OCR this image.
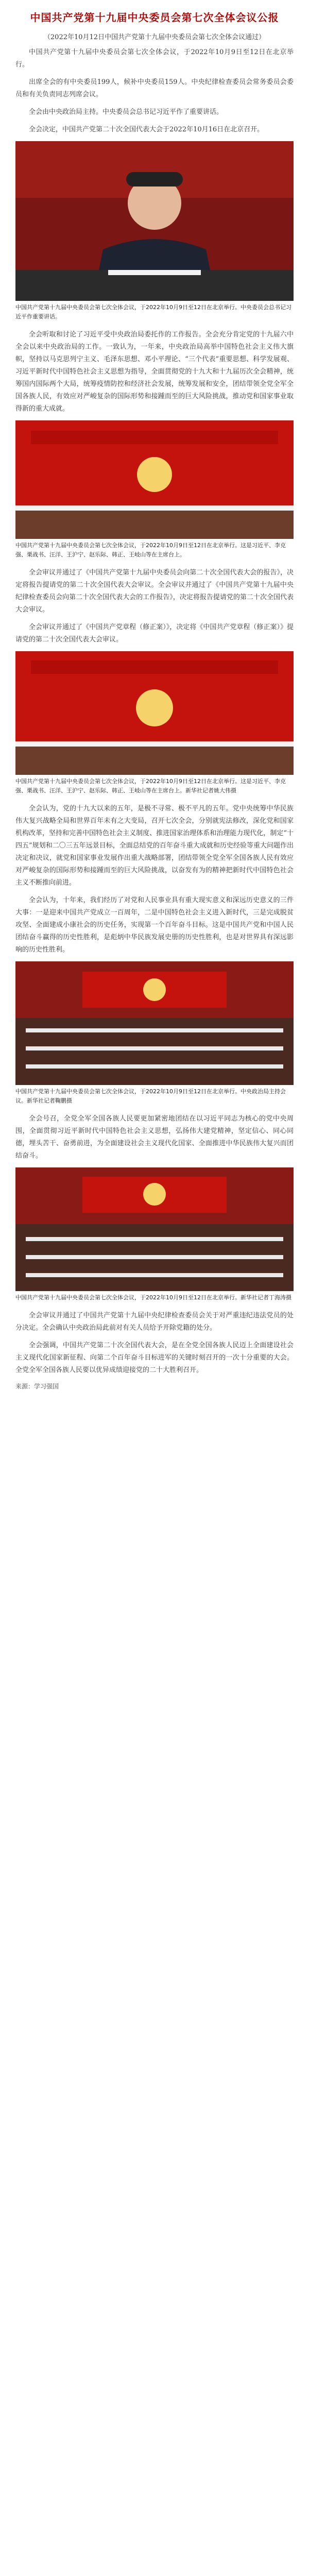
中国共产党第十九届中央委员会第七次全体会议公报
（2022年10月12日中国共产党第十九届中央委员会第七次全体会议通过）

中国共产党第十九届中央委员会第七次全体会议，于2022年10月9日至12日在北京举行。

出席全会的有中央委员199人，候补中央委员159人。中央纪律检查委员会常务委员会委员和有关负责同志列席会议。

全会由中央政治局主持。中央委员会总书记习近平作了重要讲话。

全会决定，中国共产党第二十次全国代表大会于2022年10月16日在北京召开。

中国共产党第十九届中央委员会第七次全体会议，于2022年10月9日至12日在北京举行。中央委员会总书记习近平作重要讲话。

全会听取和讨论了习近平受中央政治局委托作的工作报告。全会充分肯定党的十九届六中全会以来中央政治局的工作。一致认为，一年来，中央政治局高举中国特色社会主义伟大旗帜，坚持以马克思列宁主义、毛泽东思想、邓小平理论、“三个代表”重要思想、科学发展观、习近平新时代中国特色社会主义思想为指导，全面贯彻党的十九大和十九届历次全会精神，统筹国内国际两个大局，统筹疫情防控和经济社会发展，统筹发展和安全，团结带领全党全军全国各族人民，有效应对严峻复杂的国际形势和接踵而至的巨大风险挑战，推动党和国家事业取得新的重大成就。

中国共产党第十九届中央委员会第七次全体会议，于2022年10月9日至12日在北京举行。这是习近平、李克强、栗战书、汪洋、王沪宁、赵乐际、韩正、王岐山等在主席台上。

全会审议并通过了《中国共产党第十九届中央委员会向第二十次全国代表大会的报告》，决定将报告提请党的第二十次全国代表大会审议。全会审议并通过了《中国共产党第十九届中央纪律检查委员会向第二十次全国代表大会的工作报告》，决定将报告提请党的第二十次全国代表大会审议。

全会审议并通过了《中国共产党章程（修正案）》，决定将《中国共产党章程（修正案）》提请党的第二十次全国代表大会审议。

中国共产党第十九届中央委员会第七次全体会议，于2022年10月9日至12日在北京举行。这是习近平、李克强、栗战书、汪洋、王沪宁、赵乐际、韩正、王岐山等在主席台上。新华社记者姚大伟摄

全会认为，党的十九大以来的五年，是极不寻常、极不平凡的五年。党中央统筹中华民族伟大复兴战略全局和世界百年未有之大变局，召开七次全会，分别就宪法修改，深化党和国家机构改革，坚持和完善中国特色社会主义制度、推进国家治理体系和治理能力现代化，制定“十四五”规划和二〇三五年远景目标，全面总结党的百年奋斗重大成就和历史经验等重大问题作出决定和决议，就党和国家事业发展作出重大战略部署，团结带领全党全军全国各族人民有效应对严峻复杂的国际形势和接踵而至的巨大风险挑战，以奋发有为的精神把新时代中国特色社会主义不断推向前进。

全会认为，十年来，我们经历了对党和人民事业具有重大现实意义和深远历史意义的三件大事：一是迎来中国共产党成立一百周年，二是中国特色社会主义进入新时代，三是完成脱贫攻坚、全面建成小康社会的历史任务，实现第一个百年奋斗目标。这是中国共产党和中国人民团结奋斗赢得的历史性胜利，是彪炳中华民族发展史册的历史性胜利，也是对世界具有深远影响的历史性胜利。

中国共产党第十九届中央委员会第七次全体会议，于2022年10月9日至12日在北京举行。中央政治局主持会议。新华社记者鞠鹏摄

全会号召，全党全军全国各族人民要更加紧密地团结在以习近平同志为核心的党中央周围，全面贯彻习近平新时代中国特色社会主义思想，弘扬伟大建党精神，坚定信心、同心同德，埋头苦干、奋勇前进，为全面建设社会主义现代化国家、全面推进中华民族伟大复兴而团结奋斗。

中国共产党第十九届中央委员会第七次全体会议，于2022年10月9日至12日在北京举行。新华社记者丁海涛摄

全会审议并通过了中国共产党第十九届中央纪律检查委员会关于对严重违纪违法党员的处分决定。全会确认中央政治局此前对有关人员给予开除党籍的处分。

全会强调，中国共产党第二十次全国代表大会，是在全党全国各族人民迈上全面建设社会主义现代化国家新征程、向第二个百年奋斗目标进军的关键时刻召开的一次十分重要的大会。全党全军全国各族人民要以优异成绩迎接党的二十大胜利召开。

来源：学习强国
